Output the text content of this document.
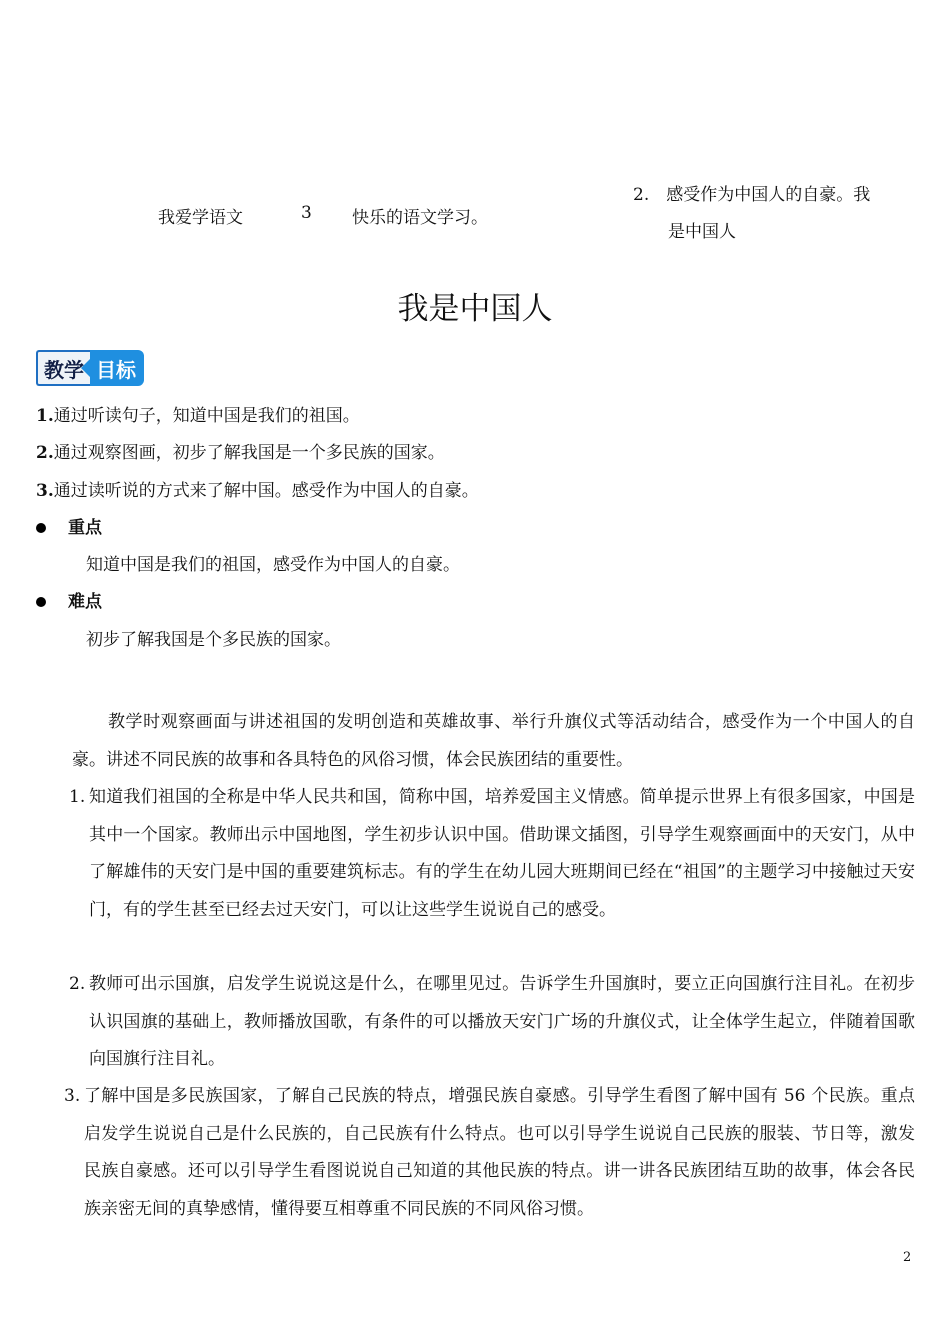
我爱学语文	3 快乐的语文学习。
2.　感受作为中国人的自豪。我
是中国人
我是中国人
教学 目标
1.通过听读句子，知道中国是我们的祖国。
2.通过观察图画，初步了解我国是一个多民族的国家。
3.通过读听说的方式来了解中国。感受作为中国人的自豪。
重点
知道中国是我们的祖国，感受作为中国人的自豪。
难点
初步了解我国是个多民族的国家。
教学时观察画面与讲述祖国的发明创造和英雄故事、举行升旗仪式等活动结合，感受作为一个中国人的自豪。讲述不同民族的故事和各具特色的风俗习惯，体会民族团结的重要性。
1. 知道我们祖国的全称是中华人民共和国，简称中国，培养爱国主义情感。简单提示世界上有很多国家，中国是其中一个国家。教师出示中国地图，学生初步认识中国。借助课文插图，引导学生观察画面中的天安门，从中了解雄伟的天安门是中国的重要建筑标志。有的学生在幼儿园大班期间已经在“祖国”的主题学习中接触过天安门，有的学生甚至已经去过天安门，可以让这些学生说说自己的感受。
2. 教师可出示国旗，启发学生说说这是什么，在哪里见过。告诉学生升国旗时，要立正向国旗行注目礼。在初步认识国旗的基础上，教师播放国歌，有条件的可以播放天安门广场的升旗仪式，让全体学生起立，伴随着国歌向国旗行注目礼。
3. 了解中国是多民族国家，了解自己民族的特点，增强民族自豪感。引导学生看图了解中国有 56 个民族。重点启发学生说说自己是什么民族的，自己民族有什么特点。也可以引导学生说说自己民族的服装、节日等，激发民族自豪感。还可以引导学生看图说说自己知道的其他民族的特点。讲一讲各民族团结互助的故事，体会各民族亲密无间的真挚感情，懂得要互相尊重不同民族的不同风俗习惯。
2
